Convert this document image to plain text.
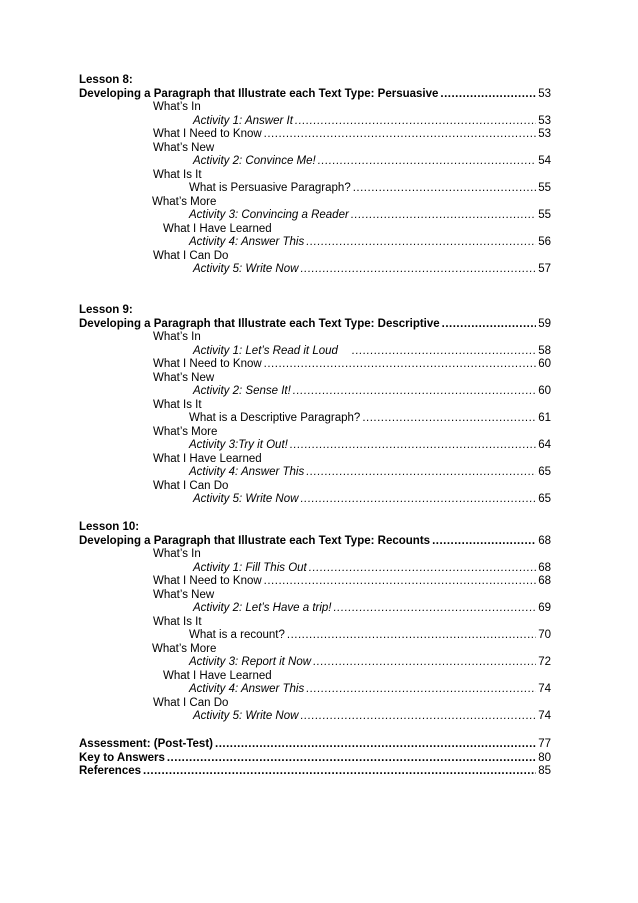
Lesson 8:
Developing a Paragraph that Illustrate each Text Type: Persuasive .....	53
What’s In
Activity 1: Answer It .....	53
What I Need to Know .....	53
What’s New
Activity 2: Convince Me! .....	54
What Is It
What is Persuasive Paragraph? .....	55
What’s More
Activity 3: Convincing a Reader .....	55
What I Have Learned
Activity 4: Answer This .....	56
What I Can Do
Activity 5: Write Now .....	57
Lesson 9:
Developing a Paragraph that Illustrate each Text Type: Descriptive .....	59
What’s In
Activity 1: Let’s Read it Loud .....	58
What I Need to Know .....	60
What’s New
Activity 2: Sense It! .....	60
What Is It
What is a Descriptive Paragraph? .....	61
What’s More
Activity 3:Try it Out! .....	64
What I Have Learned
Activity 4: Answer This .....	65
What I Can Do
Activity 5: Write Now .....	65
Lesson 10:
Developing a Paragraph that Illustrate each Text Type: Recounts .....	68
What’s In
Activity 1: Fill This Out .....	68
What I Need to Know .....	68
What’s New
Activity 2: Let’s Have a trip! .....	69
What Is It
What is a recount? .....	70
What’s More
Activity 3: Report it Now .....	72
What I Have Learned
Activity 4: Answer This .....	74
What I Can Do
Activity 5: Write Now .....	74
Assessment: (Post-Test) .....	77
Key to Answers .....	80
References .....	85
